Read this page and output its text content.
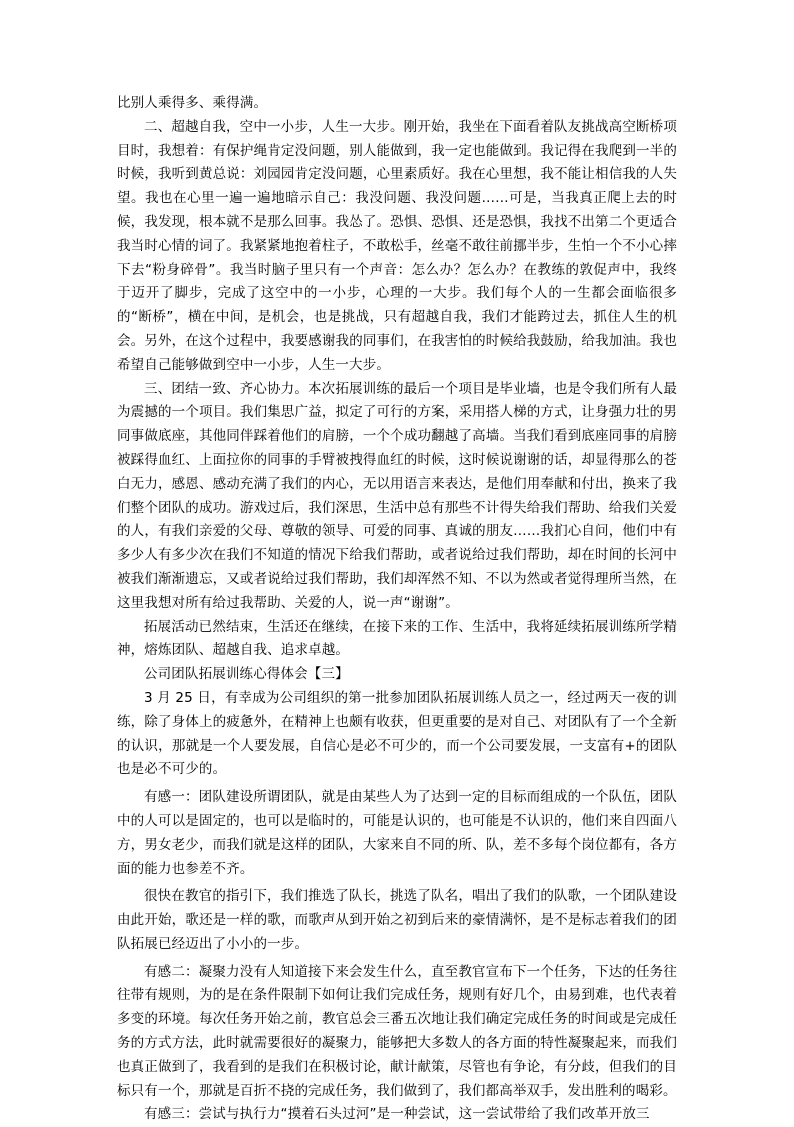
比别人乘得多、乘得满。

二、超越自我，空中一小步，人生一大步。刚开始，我坐在下面看着队友挑战高空断桥项目时，我想着：有保护绳肯定没问题，别人能做到，我一定也能做到。我记得在我爬到一半的时候，我听到黄总说：刘园园肯定没问题，心里素质好。我在心里想，我不能让相信我的人失望。我也在心里一遍一遍地暗示自己：我没问题、我没问题……可是，当我真正爬上去的时候，我发现，根本就不是那么回事。我怂了。恐惧、恐惧、还是恐惧，我找不出第二个更适合我当时心情的词了。我紧紧地抱着柱子，不敢松手，丝毫不敢往前挪半步，生怕一个不小心摔下去“粉身碎骨”。我当时脑子里只有一个声音：怎么办？怎么办？在教练的敦促声中，我终于迈开了脚步，完成了这空中的一小步，心理的一大步。我们每个人的一生都会面临很多的“断桥”，横在中间，是机会，也是挑战，只有超越自我，我们才能跨过去，抓住人生的机会。另外，在这个过程中，我要感谢我的同事们，在我害怕的时候给我鼓励，给我加油。我也希望自己能够做到空中一小步，人生一大步。

三、团结一致、齐心协力。本次拓展训练的最后一个项目是毕业墙，也是令我们所有人最为震撼的一个项目。我们集思广益，拟定了可行的方案，采用搭人梯的方式，让身强力壮的男同事做底座，其他同伴踩着他们的肩膀，一个个成功翻越了高墙。当我们看到底座同事的肩膀被踩得血红、上面拉你的同事的手臂被拽得血红的时候，这时候说谢谢的话，却显得那么的苍白无力，感恩、感动充满了我们的内心，无以用语言来表达，是他们用奉献和付出，换来了我们整个团队的成功。游戏过后，我们深思，生活中总有那些不计得失给我们帮助、给我们关爱的人，有我们亲爱的父母、尊敬的领导、可爱的同事、真诚的朋友……我扪心自问，他们中有多少人有多少次在我们不知道的情况下给我们帮助，或者说给过我们帮助，却在时间的长河中被我们渐渐遗忘，又或者说给过我们帮助，我们却浑然不知、不以为然或者觉得理所当然，在这里我想对所有给过我帮助、关爱的人，说一声“谢谢”。

拓展活动已然结束，生活还在继续，在接下来的工作、生活中，我将延续拓展训练所学精神，熔炼团队、超越自我、追求卓越。

公司团队拓展训练心得体会【三】

3 月 25 日，有幸成为公司组织的第一批参加团队拓展训练人员之一，经过两天一夜的训练，除了身体上的疲惫外，在精神上也颇有收获，但更重要的是对自己、对团队有了一个全新的认识，那就是一个人要发展，自信心是必不可少的，而一个公司要发展，一支富有+的团队也是必不可少的。

有感一：团队建设所谓团队，就是由某些人为了达到一定的目标而组成的一个队伍，团队中的人可以是固定的，也可以是临时的，可能是认识的，也可能是不认识的，他们来自四面八方，男女老少，而我们就是这样的团队，大家来自不同的所、队，差不多每个岗位都有，各方面的能力也参差不齐。

很快在教官的指引下，我们推选了队长，挑选了队名，唱出了我们的队歌，一个团队建设由此开始，歌还是一样的歌，而歌声从到开始之初到后来的豪情满怀，是不是标志着我们的团队拓展已经迈出了小小的一步。

有感二：凝聚力没有人知道接下来会发生什么，直至教官宣布下一个任务，下达的任务往往带有规则，为的是在条件限制下如何让我们完成任务，规则有好几个，由易到难，也代表着多变的环境。每次任务开始之前，教官总会三番五次地让我们确定完成任务的时间或是完成任务的方式方法，此时就需要很好的凝聚力，能够把大多数人的各方面的特性凝聚起来，而我们也真正做到了，我看到的是我们在积极讨论，献计献策，尽管也有争论，有分歧，但我们的目标只有一个，那就是百折不挠的完成任务，我们做到了，我们都高举双手，发出胜利的喝彩。

有感三：尝试与执行力“摸着石头过河”是一种尝试，这一尝试带给了我们改革开放三
